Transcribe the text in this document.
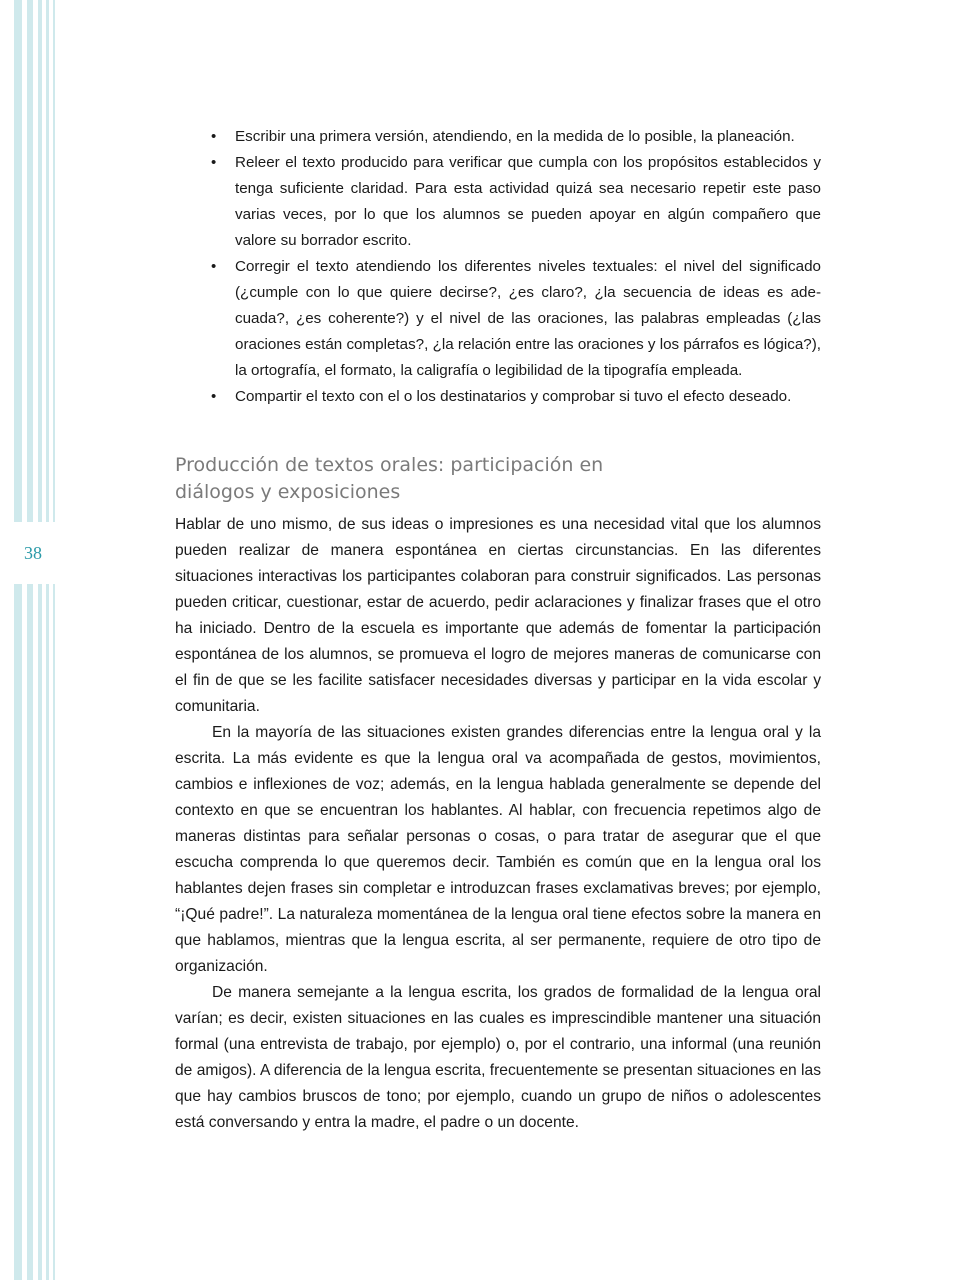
38
• Escribir una primera versión, atendiendo, en la medida de lo posible, la planeación.
• Releer el texto producido para verificar que cumpla con los propósitos establecidos y tenga suficiente claridad. Para esta actividad quizá sea necesario repetir este paso varias veces, por lo que los alumnos se pueden apoyar en algún compañero que valore su borrador escrito.
• Corregir el texto atendiendo los diferentes niveles textuales: el nivel del significado (¿cumple con lo que quiere decirse?, ¿es claro?, ¿la secuencia de ideas es adecuada?, ¿es coherente?) y el nivel de las oraciones, las palabras empleadas (¿las oraciones están completas?, ¿la relación entre las oraciones y los párrafos es lógica?), la ortografía, el formato, la caligrafía o legibilidad de la tipografía empleada.
• Compartir el texto con el o los destinatarios y comprobar si tuvo el efecto deseado.
Producción de textos orales: participación en diálogos y exposiciones

Hablar de uno mismo, de sus ideas o impresiones es una necesidad vital que los alumnos pueden realizar de manera espontánea en ciertas circunstancias. En las diferentes situaciones interactivas los participantes colaboran para construir significados. Las personas pueden criticar, cuestionar, estar de acuerdo, pedir aclaraciones y finalizar frases que el otro ha iniciado. Dentro de la escuela es importante que además de fomentar la participación espontánea de los alumnos, se promueva el logro de mejores maneras de comunicarse con el fin de que se les facilite satisfacer necesidades diversas y participar en la vida escolar y comunitaria.

En la mayoría de las situaciones existen grandes diferencias entre la lengua oral y la escrita. La más evidente es que la lengua oral va acompañada de gestos, movimientos, cambios e inflexiones de voz; además, en la lengua hablada generalmente se depende del contexto en que se encuentran los hablantes. Al hablar, con frecuencia repetimos algo de maneras distintas para señalar personas o cosas, o para tratar de asegurar que el que escucha comprenda lo que queremos decir. También es común que en la lengua oral los hablantes dejen frases sin completar e introduzcan frases exclamativas breves; por ejemplo, “¡Qué padre!”. La naturaleza momentánea de la lengua oral tiene efectos sobre la manera en que hablamos, mientras que la lengua escrita, al ser permanente, requiere de otro tipo de organización.

De manera semejante a la lengua escrita, los grados de formalidad de la lengua oral varían; es decir, existen situaciones en las cuales es imprescindible mantener una situación formal (una entrevista de trabajo, por ejemplo) o, por el contrario, una informal (una reunión de amigos). A diferencia de la lengua escrita, frecuentemente se presentan situaciones en las que hay cambios bruscos de tono; por ejemplo, cuando un grupo de niños o adolescentes está conversando y entra la madre, el padre o un docente.
